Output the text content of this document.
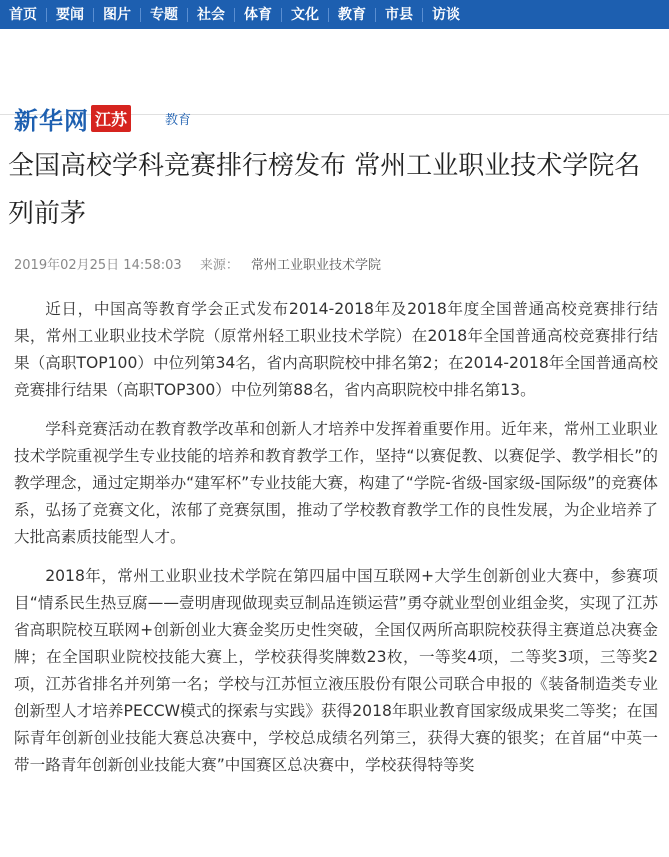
首页	要闻	图片	专题	社会	体育	文化	教育	市县	访谈
新华网 江苏	教育
全国高校学科竞赛排行榜发布 常州工业职业技术学院名列前茅
2019年02月25日 14:58:03 来源： 常州工业职业技术学院

近日，中国高等教育学会正式发布2014-2018年及2018年度全国普通高校竞赛排行结果，常州工业职业技术学院（原常州轻工职业技术学院）在2018年全国普通高校竞赛排行结果（高职TOP100）中位列第34名，省内高职院校中排名第2；在2014-2018年全国普通高校竞赛排行结果（高职TOP300）中位列第88名，省内高职院校中排名第13。

学科竞赛活动在教育教学改革和创新人才培养中发挥着重要作用。近年来，常州工业职业技术学院重视学生专业技能的培养和教育教学工作，坚持“以赛促教、以赛促学、教学相长”的教学理念，通过定期举办“建军杯”专业技能大赛，构建了“学院-省级-国家级-国际级”的竞赛体系，弘扬了竞赛文化，浓郁了竞赛氛围，推动了学校教育教学工作的良性发展，为企业培养了大批高素质技能型人才。

2018年，常州工业职业技术学院在第四届中国互联网+大学生创新创业大赛中，参赛项目“情系民生热豆腐——壹明唐现做现卖豆制品连锁运营”勇夺就业型创业组金奖，实现了江苏省高职院校互联网+创新创业大赛金奖历史性突破，全国仅两所高职院校获得主赛道总决赛金牌；在全国职业院校技能大赛上，学校获得奖牌数23枚，一等奖4项，二等奖3项，三等奖2项，江苏省排名并列第一名；学校与江苏恒立液压股份有限公司联合申报的《装备制造类专业创新型人才培养PECCW模式的探索与实践》获得2018年职业教育国家级成果奖二等奖；在国际青年创新创业技能大赛总决赛中，学校总成绩名列第三，获得大赛的银奖；在首届“中英一带一路青年创新创业技能大赛”中国赛区总决赛中，学校获得特等奖
